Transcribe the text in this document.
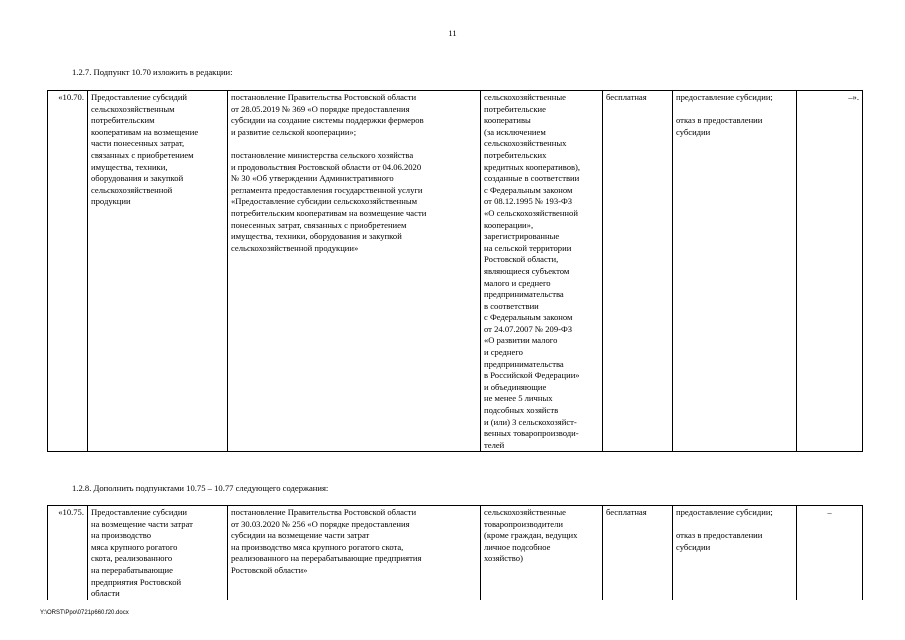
11
1.2.7. Подпункт 10.70 изложить в редакции:
«10.70.	Предоставление субсидий
сельскохозяйственным
потребительским
кооперативам на возмещение
части понесенных затрат,
связанных с приобретением
имущества, техники,
оборудования и закупкой
сельскохозяйственной
продукции	постановление Правительства Ростовской области
от 28.05.2019 № 369 «О порядке предоставления
субсидии на создание системы поддержки фермеров
и развитие сельской кооперации»;

постановление министерства сельского хозяйства
и продовольствия Ростовской области от 04.06.2020
№ 30 «Об утверждении Административного
регламента предоставления государственной услуги
«Предоставление субсидии сельскохозяйственным
потребительским кооперативам на возмещение части
понесенных затрат, связанных с приобретением
имущества, техники, оборудования и закупкой
сельскохозяйственной продукции»	сельскохозяйственные
потребительские
кооперативы
(за исключением
сельскохозяйственных
потребительских
кредитных кооперативов),
созданные в соответствии
с Федеральным законом
от 08.12.1995 № 193-ФЗ
«О сельскохозяйственной
кооперации»,
зарегистрированные
на сельской территории
Ростовской области,
являющиеся субъектом
малого и среднего
предпринимательства
в соответствии
с Федеральным законом
от 24.07.2007 № 209-ФЗ
«О развитии малого
и среднего
предпринимательства
в Российской Федерации»
и объединяющие
не менее 5 личных
подсобных хозяйств
и (или) 3 сельскохозяйст-
венных товаропроизводи-
телей	бесплатная	предоставление субсидии;

отказ в предоставлении
субсидии	–».
1.2.8. Дополнить подпунктами 10.75 – 10.77 следующего содержания:
«10.75.	Предоставление субсидии
на возмещение части затрат
на производство
мяса крупного рогатого
скота, реализованного
на перерабатывающие
предприятия Ростовской
области	постановление Правительства Ростовской области
от 30.03.2020 № 256 «О порядке предоставления
субсидии на возмещение части затрат
на производство мяса крупного рогатого скота,
реализованного на перерабатывающие предприятия
Ростовской области»	сельскохозяйственные
товаропроизводители
(кроме граждан, ведущих
личное подсобное
хозяйство)	бесплатная	предоставление субсидии;

отказ в предоставлении
субсидии	–
Y:\ORST\Ppo\0721p660.f20.docx
